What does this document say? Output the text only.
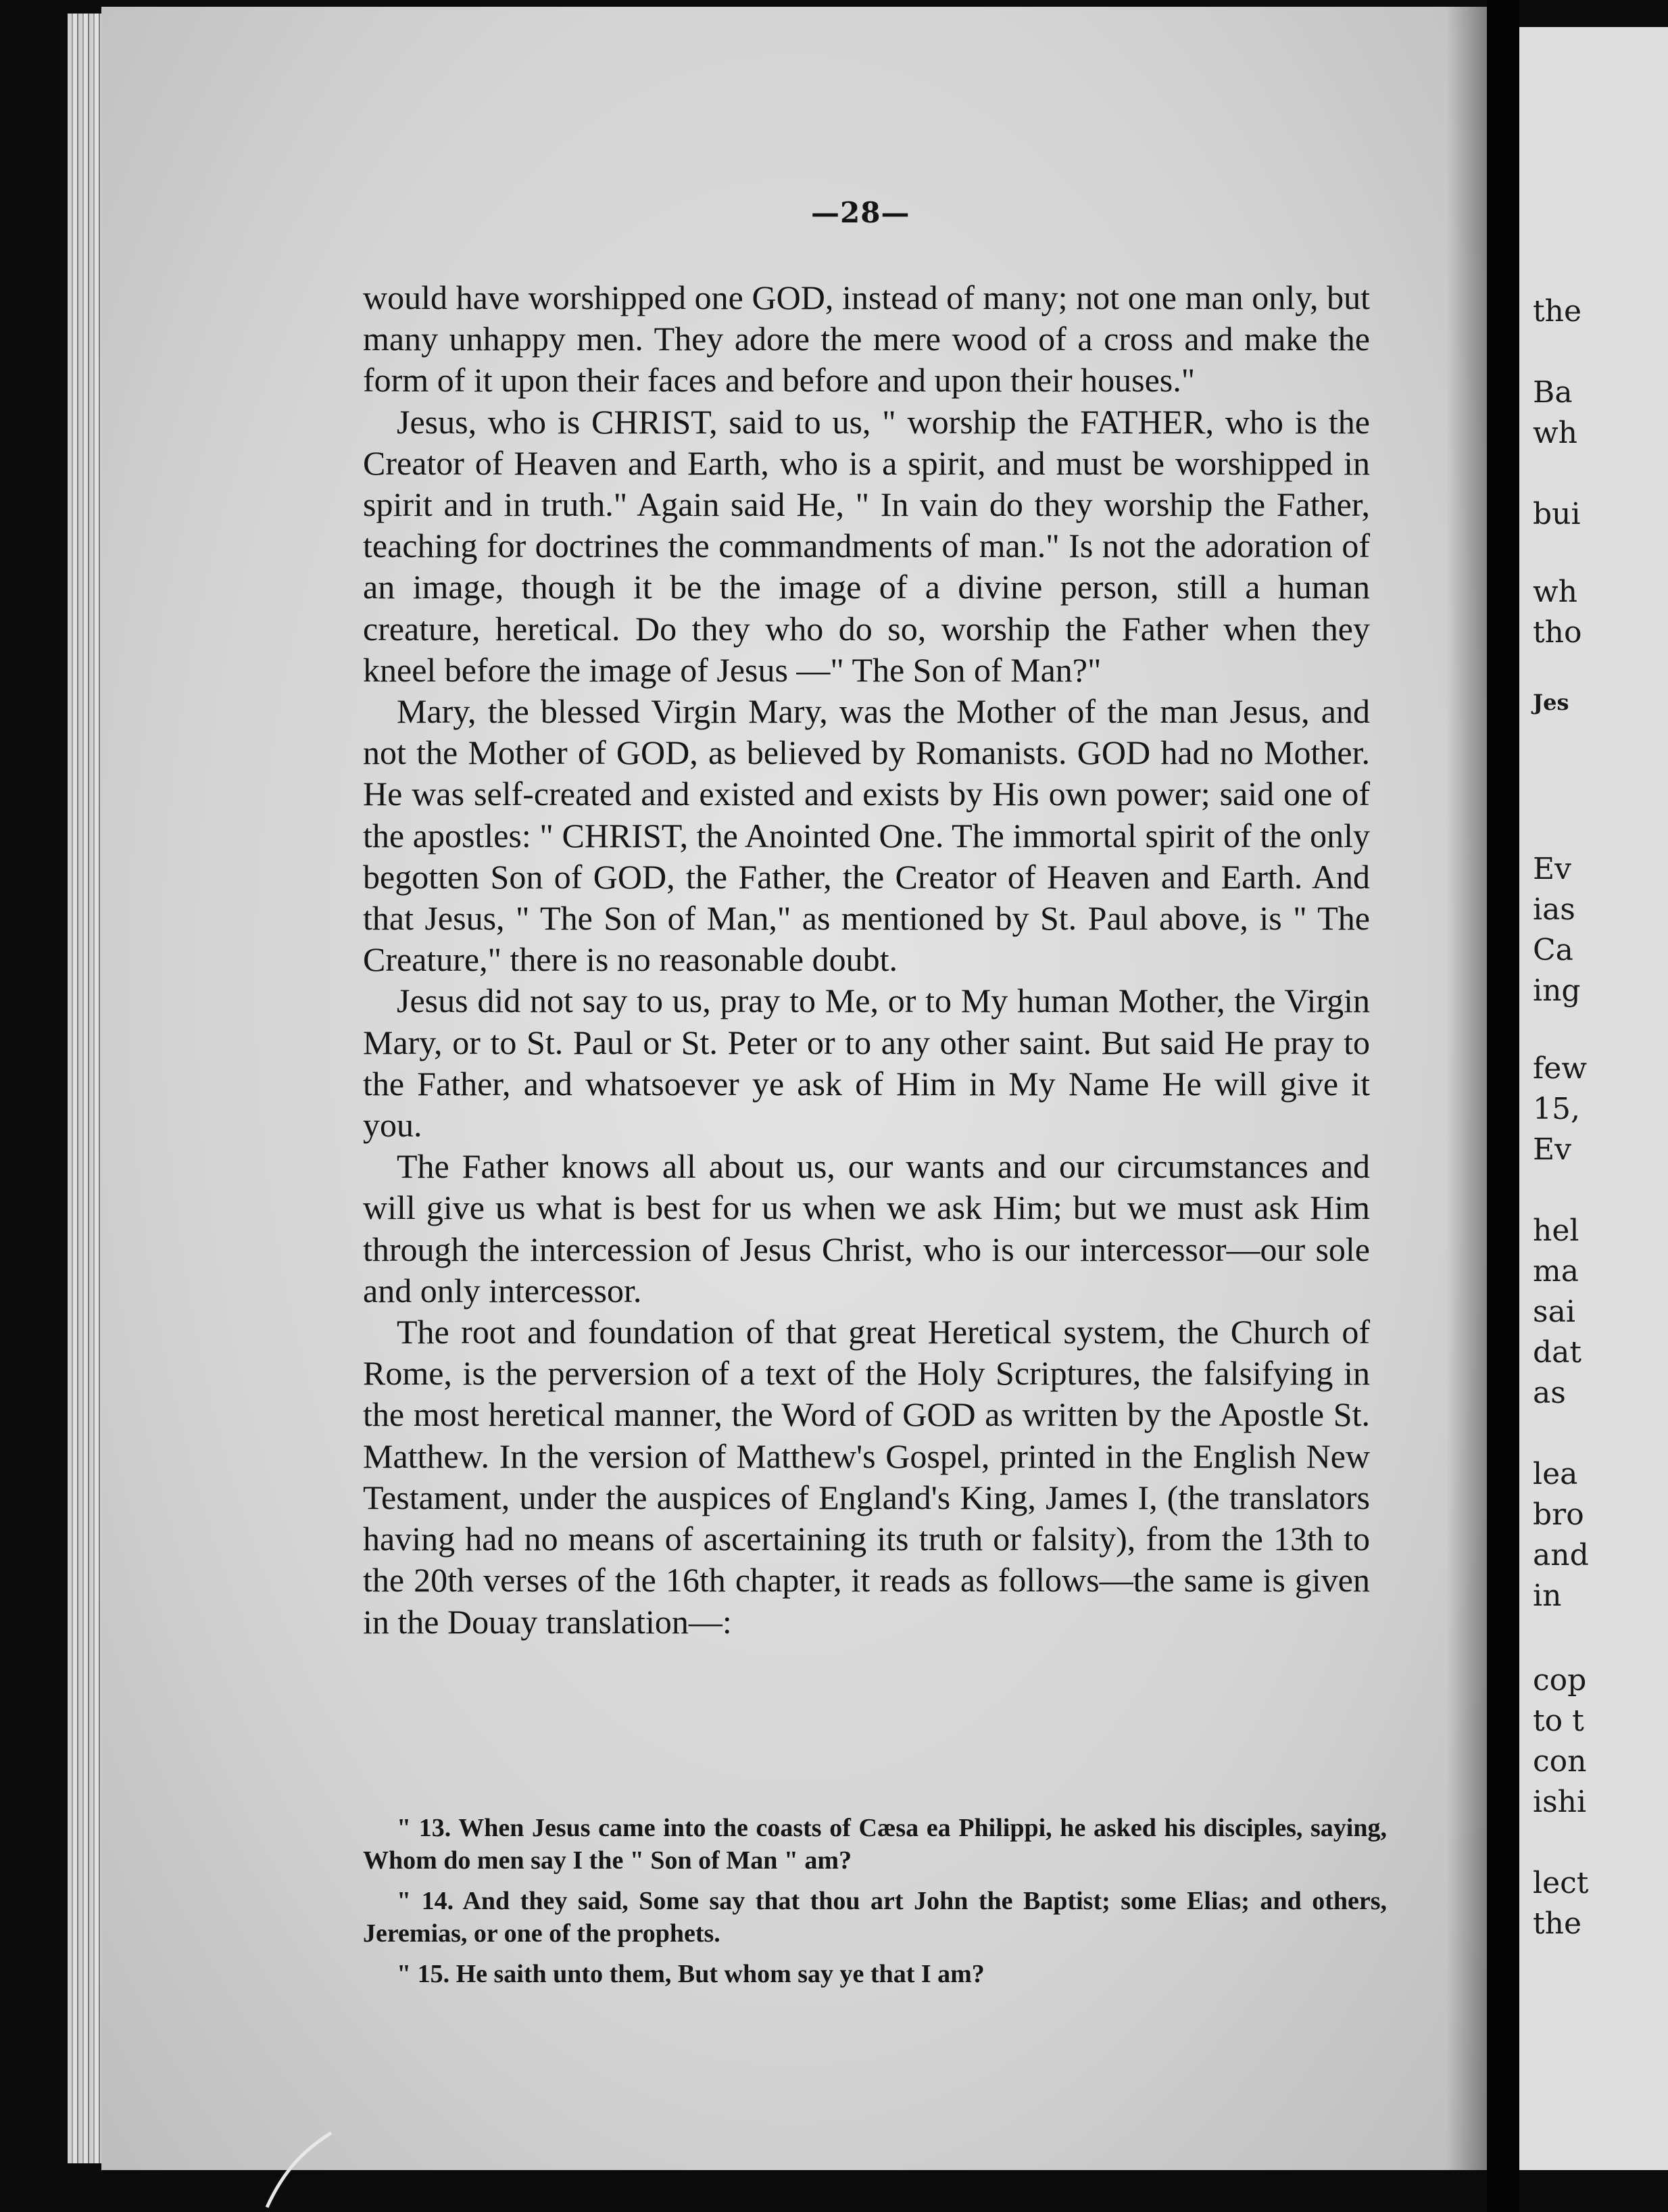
—28—

would have worshipped one GOD, instead of many; not one man only, but many unhappy men. They adore the mere wood of a cross and make the form of it upon their faces and before and upon their houses."

Jesus, who is CHRIST, said to us, " worship the FATHER, who is the Creator of Heaven and Earth, who is a spirit, and must be worshipped in spirit and in truth." Again said He, " In vain do they worship the Father, teaching for doctrines the commandments of man." Is not the adoration of an image, though it be the image of a divine person, still a human creature, heretical. Do they who do so, worship the Father when they kneel before the image of Jesus —" The Son of Man?"

Mary, the blessed Virgin Mary, was the Mother of the man Jesus, and not the Mother of GOD, as believed by Romanists. GOD had no Mother. He was self-created and existed and exists by His own power; said one of the apostles: " CHRIST, the Anointed One. The immortal spirit of the only begotten Son of GOD, the Father, the Creator of Heaven and Earth. And that Jesus, " The Son of Man," as mentioned by St. Paul above, is " The Creature," there is no reasonable doubt.

Jesus did not say to us, pray to Me, or to My human Mother, the Virgin Mary, or to St. Paul or St. Peter or to any other saint. But said He pray to the Father, and whatsoever ye ask of Him in My Name He will give it you.

The Father knows all about us, our wants and our circumstances and will give us what is best for us when we ask Him; but we must ask Him through the intercession of Jesus Christ, who is our intercessor—our sole and only intercessor.

The root and foundation of that great Heretical system, the Church of Rome, is the perversion of a text of the Holy Scriptures, the falsifying in the most heretical manner, the Word of GOD as written by the Apostle St. Matthew. In the version of Matthew's Gospel, printed in the English New Testament, under the auspices of England's King, James I, (the translators having had no means of ascertaining its truth or falsity), from the 13th to the 20th verses of the 16th chapter, it reads as follows—the same is given in the Douay translation—:

" 13. When Jesus came into the coasts of Cæsa ea Philippi, he asked his disciples, saying, Whom do men say I the " Son of Man " am?

" 14. And they said, Some say that thou art John the Baptist; some Elias; and others, Jeremias, or one of the prophets.

" 15. He saith unto them, But whom say ye that I am?

the
Ba
wh
bui
wh
tho
Jes
Ev
ias
Ca
ing
few
15,
Ev
hel
ma
sai
dat
as
lea
bro
and
in
cop
to t
con
ishi
lect
the
